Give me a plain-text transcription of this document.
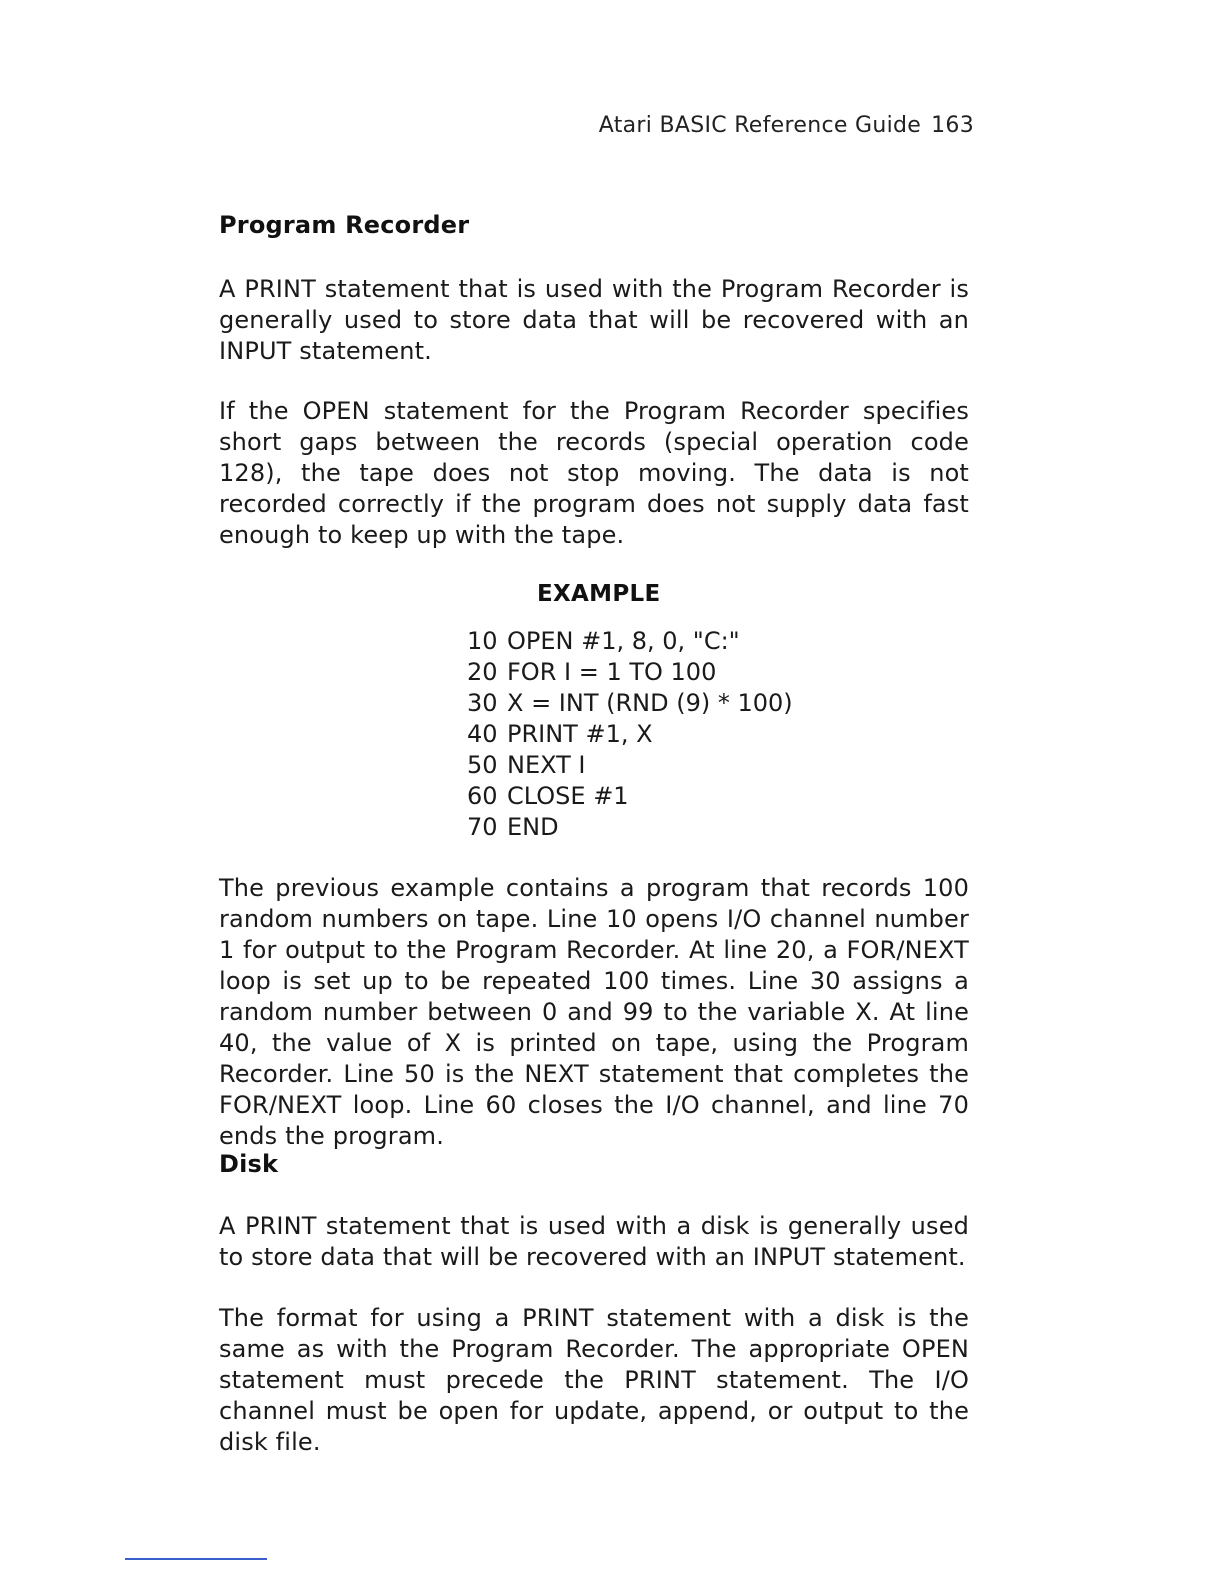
Atari BASIC Reference Guide 163
Program Recorder

A PRINT statement that is used with the Program Recorder is generally used to store data that will be recovered with an INPUT statement.

If the OPEN statement for the Program Recorder specifies short gaps between the records (special operation code 128), the tape does not stop moving. The data is not recorded correctly if the program does not supply data fast enough to keep up with the tape.

EXAMPLE
10 OPEN #1, 8, 0, "C:"
20 FOR I = 1 TO 100
30 X = INT (RND (9) * 100)
40 PRINT #1, X
50 NEXT I
60 CLOSE #1
70 END

The previous example contains a program that records 100 random numbers on tape. Line 10 opens I/O channel number 1 for output to the Program Recorder. At line 20, a FOR/NEXT loop is set up to be repeated 100 times. Line 30 assigns a random number between 0 and 99 to the variable X. At line 40, the value of X is printed on tape, using the Program Recorder. Line 50 is the NEXT statement that completes the FOR/NEXT loop. Line 60 closes the I/O channel, and line 70 ends the program.

Disk

A PRINT statement that is used with a disk is generally used to store data that will be recovered with an INPUT statement.

The format for using a PRINT statement with a disk is the same as with the Program Recorder. The appropriate OPEN statement must precede the PRINT statement. The I/O channel must be open for update, append, or output to the disk file.
